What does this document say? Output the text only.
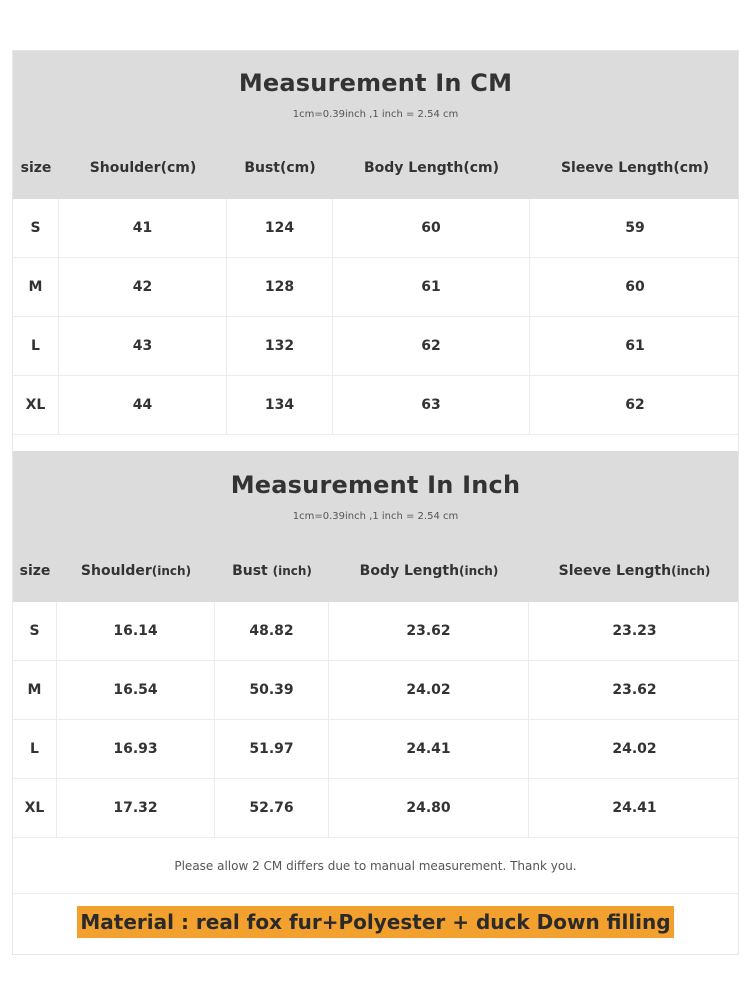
Measurement In CM
1cm=0.39inch ,1 inch = 2.54 cm
size	Shoulder(cm)	Bust(cm)	Body Length(cm)	Sleeve Length(cm)
S	41	124	60	59
M	42	128	61	60
L	43	132	62	61
XL	44	134	63	62
Measurement In Inch
1cm=0.39inch ,1 inch = 2.54 cm
size	Shoulder(inch)	Bust (inch)	Body Length(inch)	Sleeve Length(inch)
S	16.14	48.82	23.62	23.23
M	16.54	50.39	24.02	23.62
L	16.93	51.97	24.41	24.02
XL	17.32	52.76	24.80	24.41
Please allow 2 CM differs due to manual measurement. Thank you.
Material : real fox fur+Polyester + duck Down filling
